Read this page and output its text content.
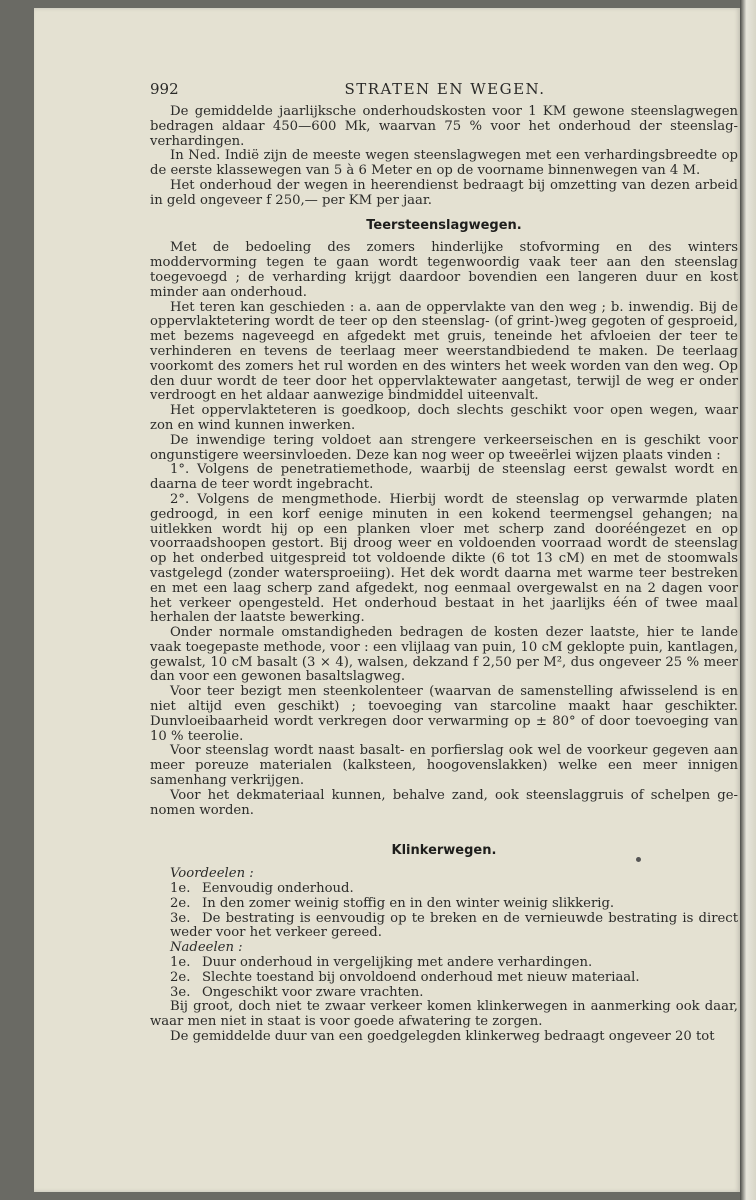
992	STRATEN EN WEGEN.

De gemiddelde jaarlijksche onderhoudskosten voor 1 KM gewone steenslagwegen bedragen aldaar 450—600 Mk, waarvan 75 % voor het onderhoud der steenslag-verhardingen.

In Ned. Indië zijn de meeste wegen steenslagwegen met een verhardingsbreedte op de eerste klassewegen van 5 à 6 Meter en op de voorname binnenwegen van 4 M.

Het onderhoud der wegen in heerendienst bedraagt bij omzetting van dezen arbeid in geld ongeveer f 250,— per KM per jaar.

Teersteenslagwegen.

Met de bedoeling des zomers hinderlijke stofvorming en des winters moddervorming tegen te gaan wordt tegenwoordig vaak teer aan den steenslag toegevoegd ; de verharding krijgt daardoor bovendien een langeren duur en kost minder aan onderhoud.

Het teren kan geschieden : a. aan de oppervlakte van den weg ; b. inwendig. Bij de oppervlaktetering wordt de teer op den steenslag- (of grint-)weg gegoten of gesproeid, met bezems nageveegd en afgedekt met gruis, teneinde het afvloeien der teer te verhinderen en tevens de teerlaag meer weerstandbiedend te maken. De teerlaag voorkomt des zomers het rul worden en des winters het week worden van den weg. Op den duur wordt de teer door het oppervlaktewater aangetast, terwijl de weg er onder verdroogt en het aldaar aanwezige bindmiddel uiteenvalt.

Het oppervlakteteren is goedkoop, doch slechts geschikt voor open wegen, waar zon en wind kunnen inwerken.

De inwendige tering voldoet aan strengere verkeerseischen en is geschikt voor ongunstigere weersinvloeden. Deze kan nog weer op tweeërlei wijzen plaats vinden :

1°. Volgens de penetratiemethode, waarbij de steenslag eerst gewalst wordt en daarna de teer wordt ingebracht.

2°. Volgens de mengmethode. Hierbij wordt de steenslag op verwarmde platen gedroogd, in een korf eenige minuten in een kokend teermengsel gehangen; na uitlekken wordt hij op een planken vloer met scherp zand doorééngezet en op voorraadshoopen gestort. Bij droog weer en voldoenden voorraad wordt de steenslag op het onderbed uitgespreid tot voldoende dikte (6 tot 13 cM) en met de stoomwals vastgelegd (zonder watersproeiing). Het dek wordt daarna met warme teer bestreken en met een laag scherp zand afgedekt, nog eenmaal overgewalst en na 2 dagen voor het verkeer opengesteld. Het onderhoud bestaat in het jaarlijks één of twee maal herhalen der laatste bewerking.

Onder normale omstandigheden bedragen de kosten dezer laatste, hier te lande vaak toegepaste methode, voor : een vlijlaag van puin, 10 cM geklopte puin, kantlagen, gewalst, 10 cM basalt (3 × 4), walsen, dekzand f 2,50 per M², dus ongeveer 25 % meer dan voor een gewonen basaltslagweg.

Voor teer bezigt men steenkolenteer (waarvan de samenstelling afwisselend is en niet altijd even geschikt) ; toevoeging van starcoline maakt haar geschikter. Dunvloeibaarheid wordt verkregen door verwarming op ± 80° of door toevoeging van 10 % teerolie.

Voor steenslag wordt naast basalt- en porfierslag ook wel de voorkeur gegeven aan meer poreuze materialen (kalksteen, hoogovenslakken) welke een meer innigen samenhang verkrijgen.

Voor het dekmateriaal kunnen, behalve zand, ook steenslaggruis of schelpen genomen worden.

Klinkerwegen.
Voordeelen :

1e. Eenvoudig onderhoud.

2e. In den zomer weinig stoffig en in den winter weinig slikkerig.

3e. De bestrating is eenvoudig op te breken en de vernieuwde bestrating is direct weder voor het verkeer gereed.

Nadeelen :

1e. Duur onderhoud in vergelijking met andere verhardingen.

2e. Slechte toestand bij onvoldoend onderhoud met nieuw materiaal.

3e. Ongeschikt voor zware vrachten.

Bij groot, doch niet te zwaar verkeer komen klinkerwegen in aanmerking ook daar, waar men niet in staat is voor goede afwatering te zorgen.

De gemiddelde duur van een goedgelegden klinkerweg bedraagt ongeveer 20 tot
